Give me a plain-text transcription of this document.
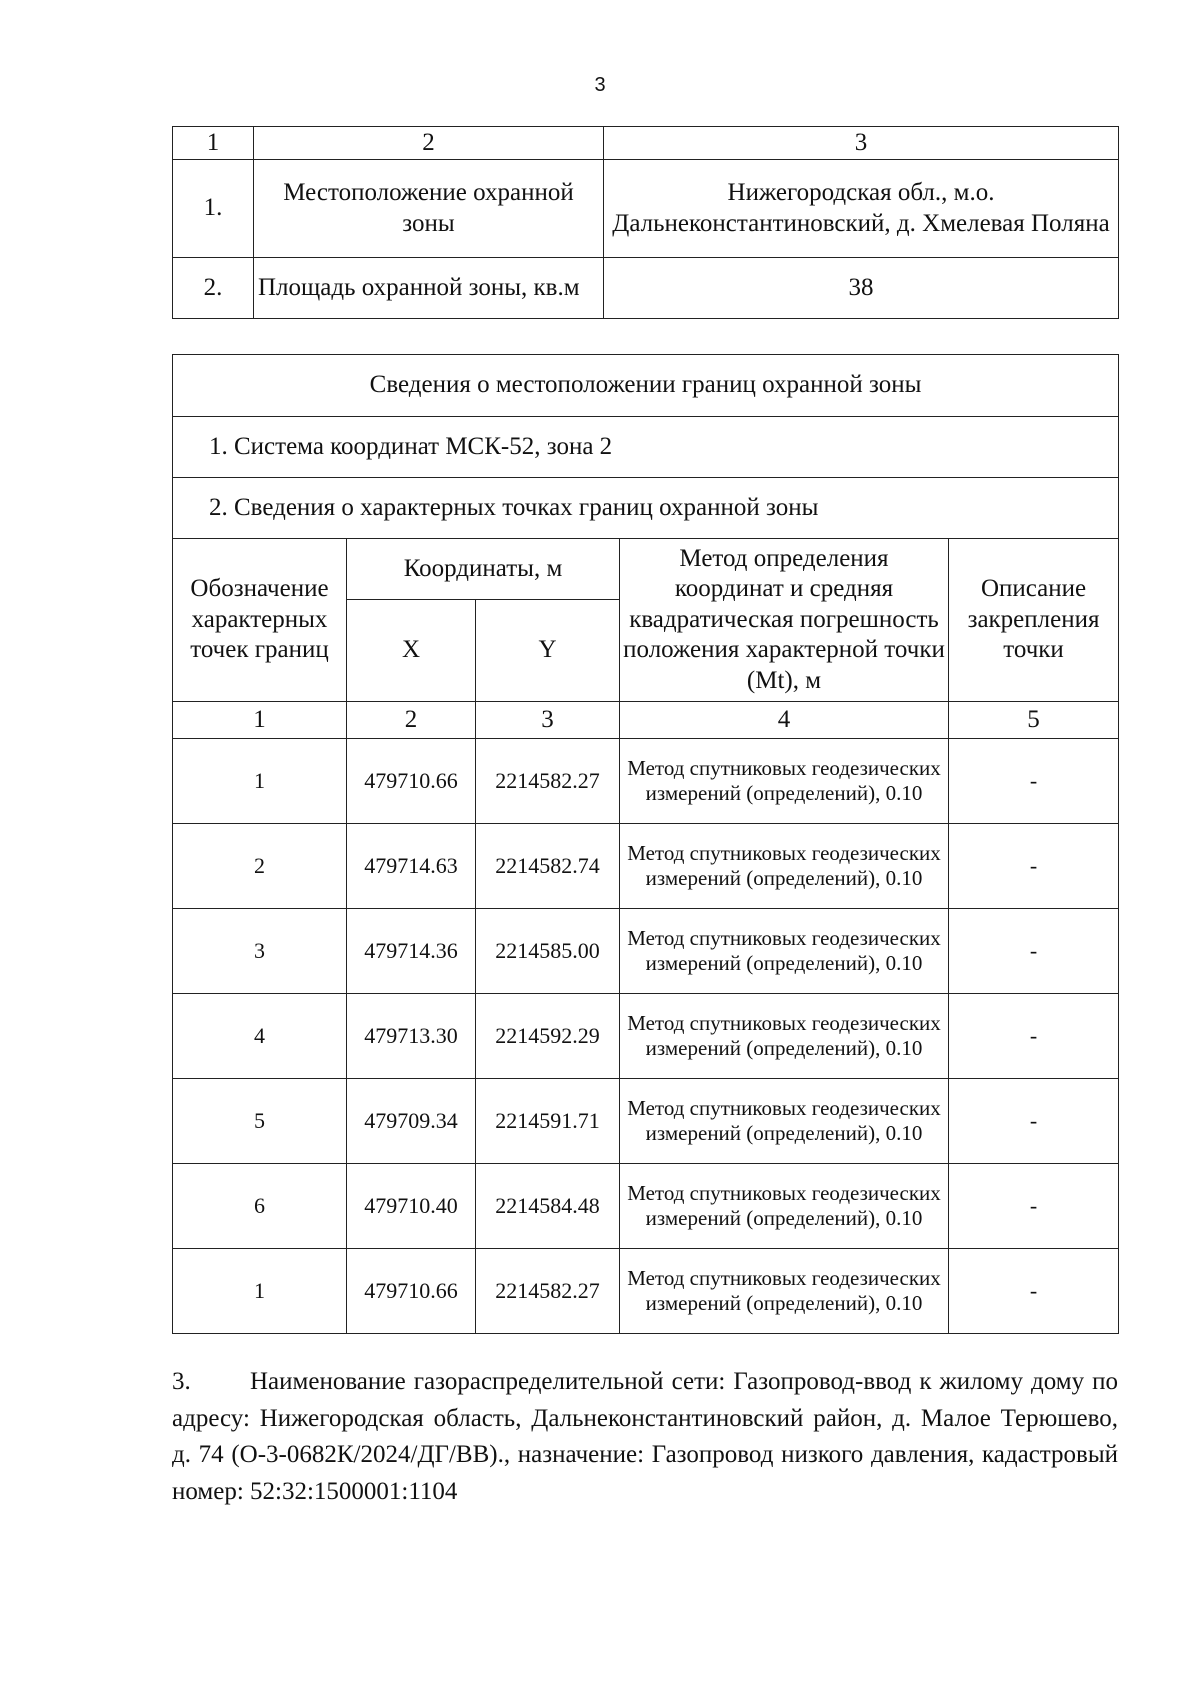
3
1	2	3
1.	Местоположение охранной зоны	Нижегородская обл., м.о. Дальнеконстантиновский, д. Хмелевая Поляна
2.	Площадь охранной зоны, кв.м	38
Сведения о местоположении границ охранной зоны				
1. Система координат МСК-52, зона 2				
2. Сведения о характерных точках границ охранной зоны				
Обозначение характерных точек границ	Координаты, м		Метод определения координат и средняя квадратическая погрешность положения характерной точки (Mt), м	Описание закрепления точки
	X	Y		
1	2	3	4	5
1	479710.66	2214582.27	Метод спутниковых геодезических измерений (определений), 0.10	-
2	479714.63	2214582.74	Метод спутниковых геодезических измерений (определений), 0.10	-
3	479714.36	2214585.00	Метод спутниковых геодезических измерений (определений), 0.10	-
4	479713.30	2214592.29	Метод спутниковых геодезических измерений (определений), 0.10	-
5	479709.34	2214591.71	Метод спутниковых геодезических измерений (определений), 0.10	-
6	479710.40	2214584.48	Метод спутниковых геодезических измерений (определений), 0.10	-
1	479710.66	2214582.27	Метод спутниковых геодезических измерений (определений), 0.10	-
3. Наименование газораспределительной сети: Газопровод-ввод к жилому дому по адресу: Нижегородская область, Дальнеконстантиновский район, д. Малое Терюшево, д. 74 (О-3-0682К/2024/ДГ/ВВ)., назначение: Газопровод низкого давления, кадастровый номер: 52:32:1500001:1104
